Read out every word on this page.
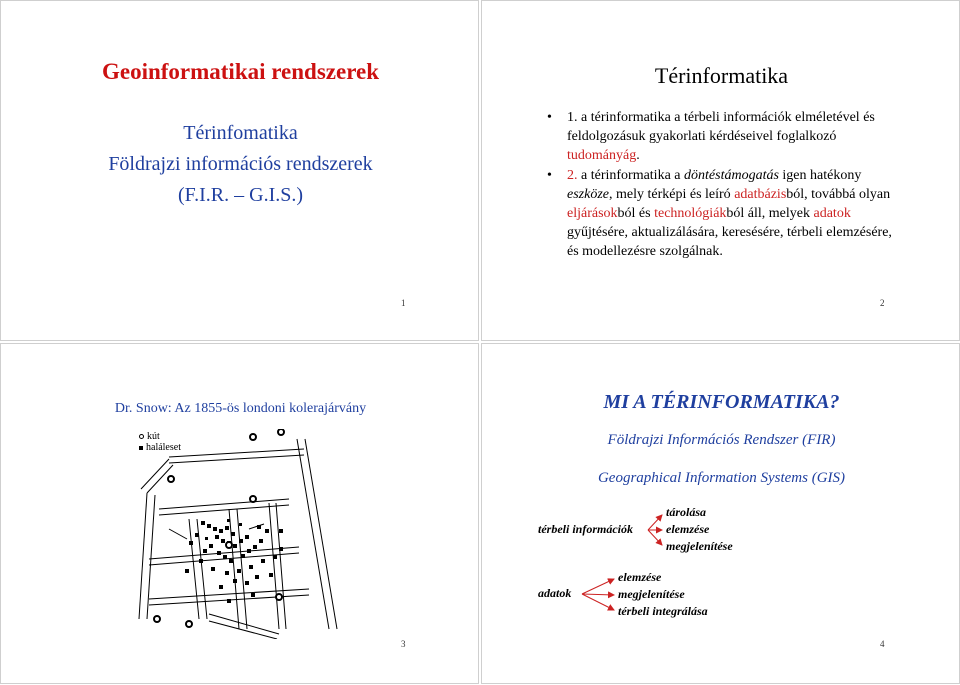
Geoinformatikai rendszerek
Térinfomatika
Földrajzi információs rendszerek
(F.I.R. – G.I.S.)
1
Térinformatika
• 1. a térinformatika a térbeli információk elméletével és feldolgozásuk gyakorlati kérdéseivel foglalkozó tudományág.
• 2. a térinformatika a döntéstámogatás igen hatékony eszköze, mely térképi és leíró adatbázisból, továbbá olyan eljárásokból és technológiákból áll, melyek adatok gyűjtésére, aktualizálására, keresésére, térbeli elemzésére, és modellezésre szolgálnak.
2
Dr. Snow: Az 1855-ös londoni kolerajárvány
kút
haláleset
3
MI A TÉRINFORMATIKA?
Földrajzi Információs Rendszer (FIR)
Geographical Information Systems (GIS)
térbeli információk
tárolása
elemzése
megjelenítése
adatok
elemzése
megjelenítése
térbeli integrálása
4
